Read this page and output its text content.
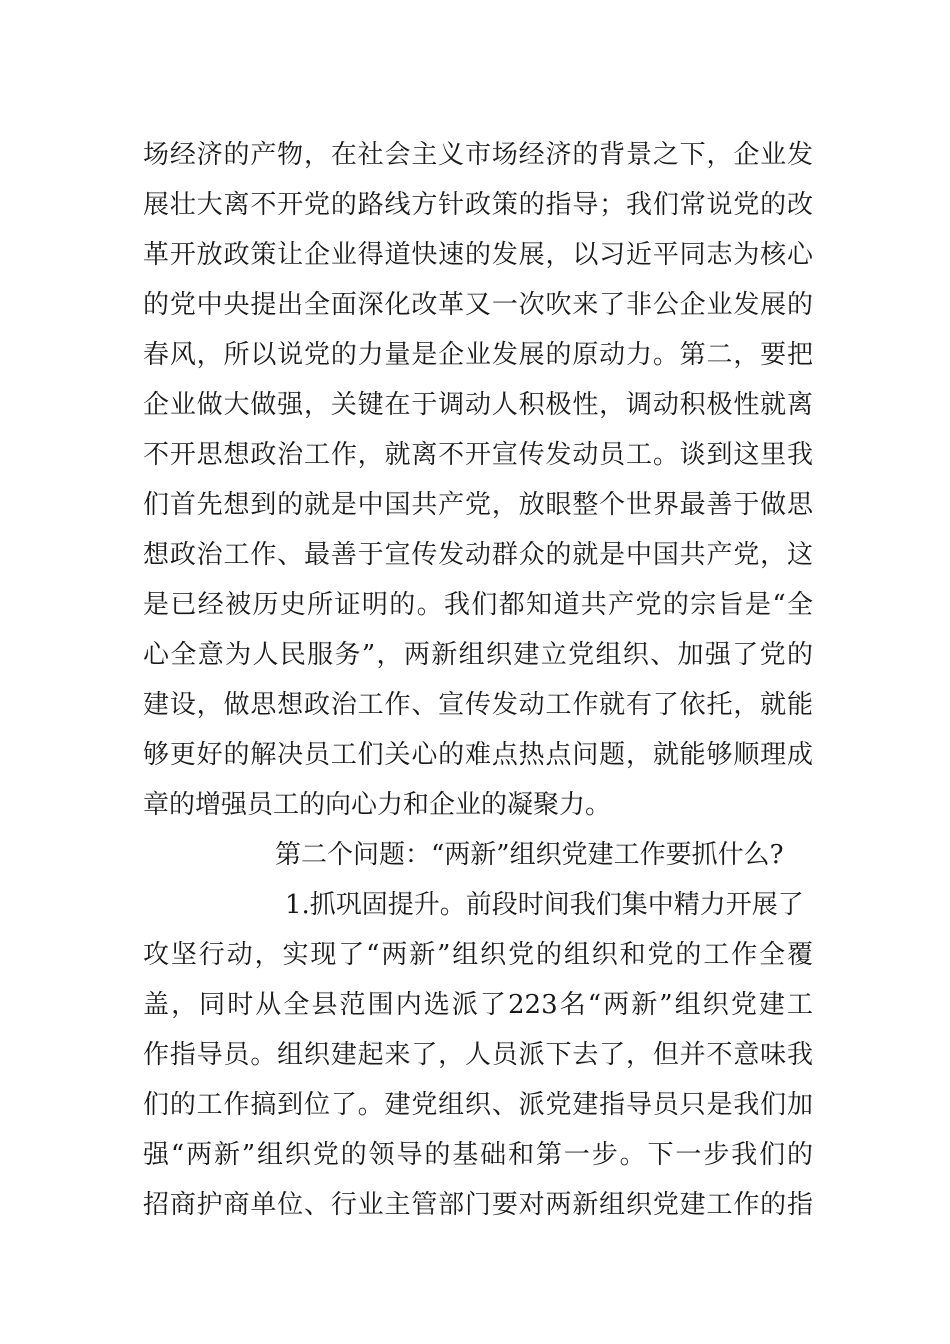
场经济的产物，在社会主义市场经济的背景之下，企业发
展壮大离不开党的路线方针政策的指导；我们常说党的改
革开放政策让企业得道快速的发展，以习近平同志为核心
的党中央提出全面深化改革又一次吹来了非公企业发展的
春风，所以说党的力量是企业发展的原动力。第二，要把
企业做大做强，关键在于调动人积极性，调动积极性就离
不开思想政治工作，就离不开宣传发动员工。谈到这里我
们首先想到的就是中国共产党，放眼整个世界最善于做思
想政治工作、最善于宣传发动群众的就是中国共产党，这
是已经被历史所证明的。我们都知道共产党的宗旨是“全
心全意为人民服务”，两新组织建立党组织、加强了党的
建设，做思想政治工作、宣传发动工作就有了依托，就能
够更好的解决员工们关心的难点热点问题，就能够顺理成
章的增强员工的向心力和企业的凝聚力。
第二个问题：“两新”组织党建工作要抓什么?
1.抓巩固提升。前段时间我们集中精力开展了
攻坚行动，实现了“两新”组织党的组织和党的工作全覆
盖，同时从全县范围内选派了223名“两新”组织党建工
作指导员。组织建起来了，人员派下去了，但并不意味我
们的工作搞到位了。建党组织、派党建指导员只是我们加
强“两新”组织党的领导的基础和第一步。下一步我们的
招商护商单位、行业主管部门要对两新组织党建工作的指
